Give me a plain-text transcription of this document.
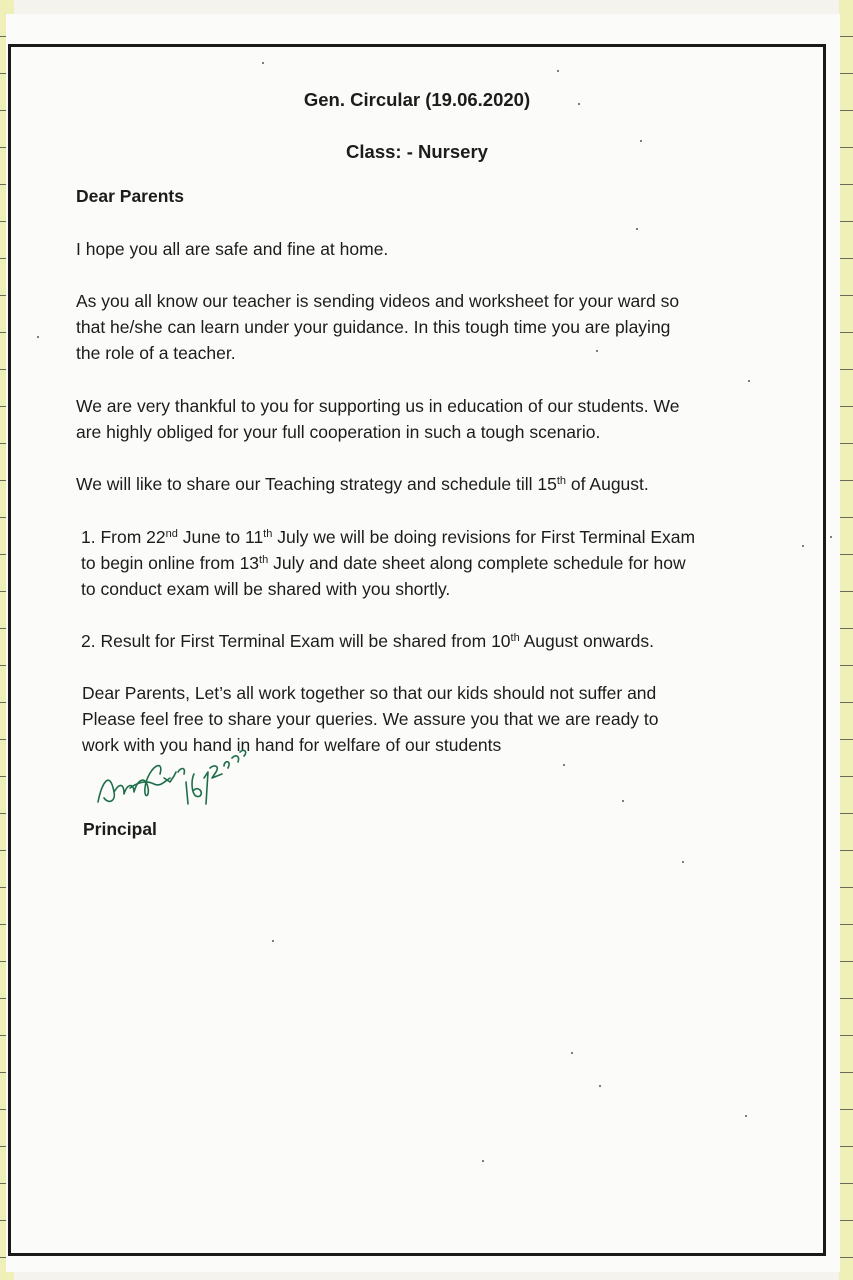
Gen. Circular (19.06.2020)

Class: - Nursery

Dear Parents

I hope you all are safe and fine at home.

As you all know our teacher is sending videos and worksheet for your ward so

that he/she can learn under your guidance. In this tough time you are playing

the role of a teacher.

We are very thankful to you for supporting us in education of our students. We

are highly obliged for your full cooperation in such a tough scenario.

We will like to share our Teaching strategy and schedule till 15th of August.

1. From 22nd June to 11th July we will be doing revisions for First Terminal Exam

to begin online from 13th July and date sheet along complete schedule for how

to conduct exam will be shared with you shortly.

2. Result for First Terminal Exam will be shared from 10th August onwards.

Dear Parents, Let’s all work together so that our kids should not suffer and

Please feel free to share your queries. We assure you that we are ready to

work with you hand in hand for welfare of our students

Principal
